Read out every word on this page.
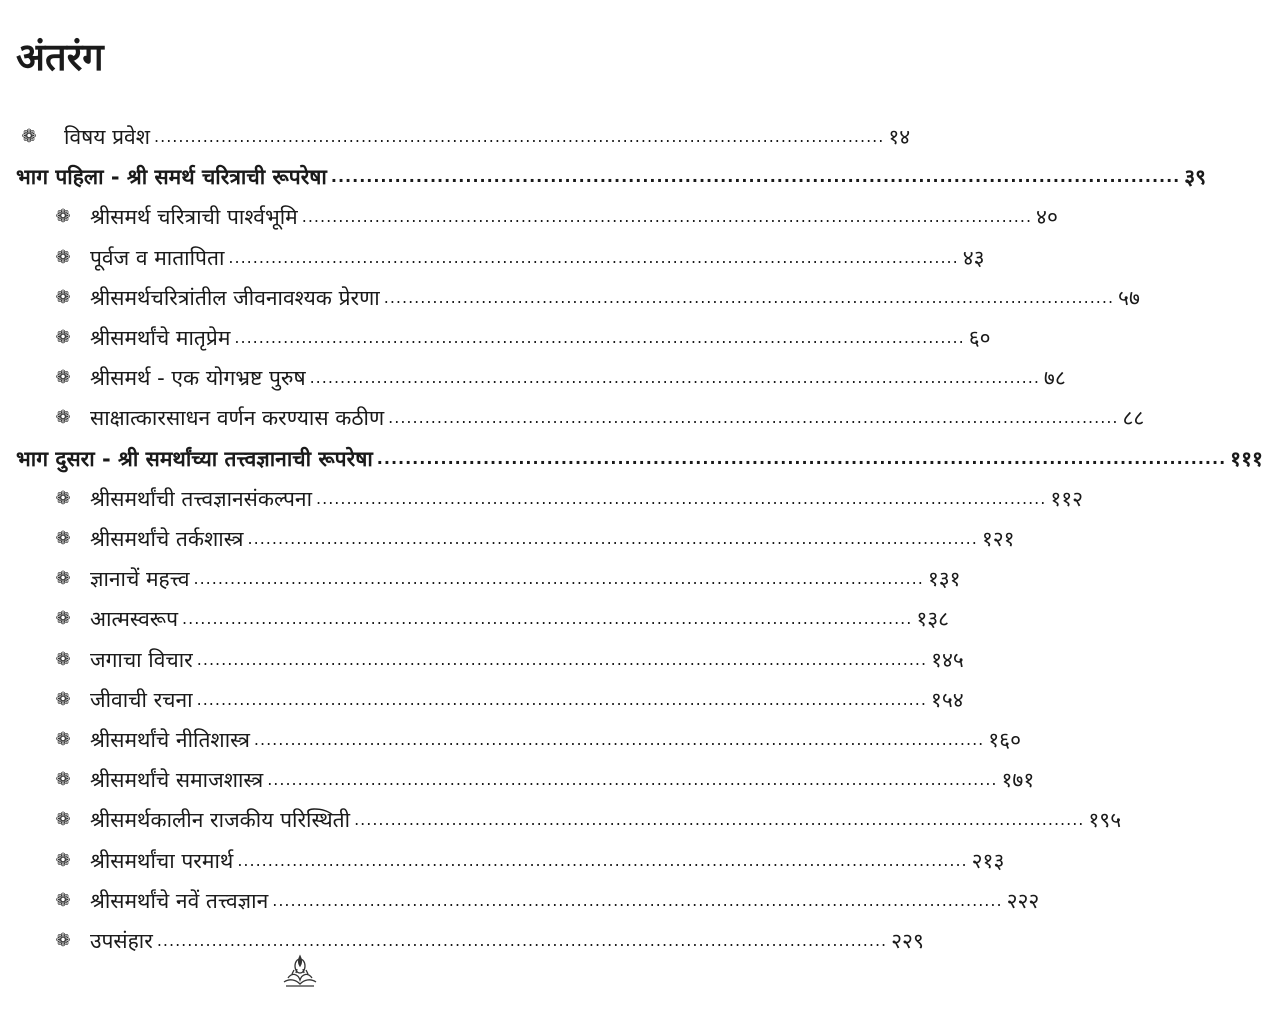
अंतरंग
❁ विषय प्रवेश ........................................................................................................................ १४
भाग पहिला - श्री समर्थ चरित्राची रूपरेषा ........................................................................................................................ ३९
❁ श्रीसमर्थ चरित्राची पार्श्वभूमि ........................................................................................................................ ४०
❁ पूर्वज व मातापिता ........................................................................................................................ ४३
❁ श्रीसमर्थचरित्रांतील जीवनावश्यक प्रेरणा ........................................................................................................................ ५७
❁ श्रीसमर्थांचे मातृप्रेम ........................................................................................................................ ६०
❁ श्रीसमर्थ - एक योगभ्रष्ट पुरुष ........................................................................................................................ ७८
❁ साक्षात्कारसाधन वर्णन करण्यास कठीण ........................................................................................................................ ८८
भाग दुसरा - श्री समर्थांच्या तत्त्वज्ञानाची रूपरेषा ........................................................................................................................ १११
❁ श्रीसमर्थांची तत्त्वज्ञानसंकल्पना ........................................................................................................................ ११२
❁ श्रीसमर्थांचे तर्कशास्त्र ........................................................................................................................ १२१
❁ ज्ञानाचें महत्त्व ........................................................................................................................ १३१
❁ आत्मस्वरूप ........................................................................................................................ १३८
❁ जगाचा विचार ........................................................................................................................ १४५
❁ जीवाची रचना ........................................................................................................................ १५४
❁ श्रीसमर्थांचे नीतिशास्त्र ........................................................................................................................ १६०
❁ श्रीसमर्थांचे समाजशास्त्र ........................................................................................................................ १७१
❁ श्रीसमर्थकालीन राजकीय परिस्थिती ........................................................................................................................ १९५
❁ श्रीसमर्थांचा परमार्थ ........................................................................................................................ २१३
❁ श्रीसमर्थांचे नवें तत्त्वज्ञान ........................................................................................................................ २२२
❁ उपसंहार ........................................................................................................................ २२९
